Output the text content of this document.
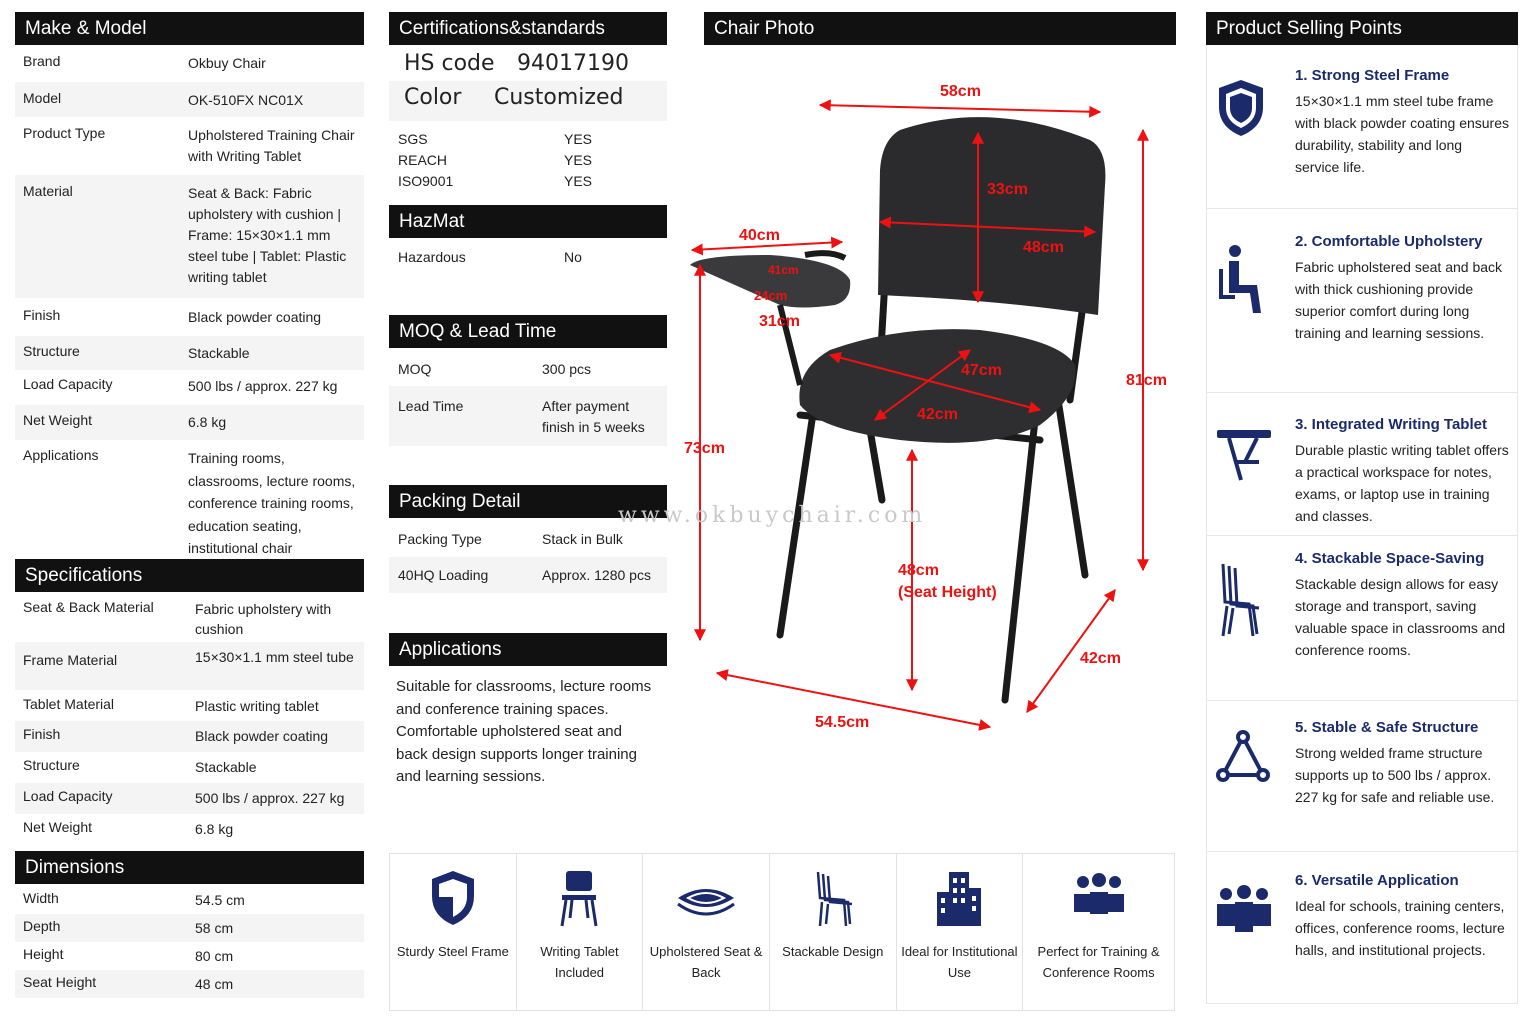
Make & Model
Brand	Okbuy Chair
Model	OK-510FX NC01X
Product Type	Upholstered Training Chair with Writing Tablet
Material	Seat & Back: Fabric upholstery with cushion | Frame: 15×30×1.1 mm steel tube | Tablet: Plastic writing tablet
Finish	Black powder coating
Structure	Stackable
Load Capacity	500 lbs / approx. 227 kg
Net Weight	6.8 kg
Applications	Training rooms, classrooms, lecture rooms, conference training rooms, education seating, institutional chair
Specifications
Seat & Back Material	Fabric upholstery with cushion
Frame Material	15×30×1.1 mm steel tube
Tablet Material	Plastic writing tablet
Finish	Black powder coating
Structure	Stackable
Load Capacity	500 lbs / approx. 227 kg
Net Weight	6.8 kg
Dimensions
Width	54.5 cm
Depth	58 cm
Height	80 cm
Seat Height	48 cm
Certifications&standards
HS code	94017190
Color	Customized
SGS	YES
REACH	YES
ISO9001	YES
HazMat
Hazardous	No
MOQ & Lead Time
MOQ	300 pcs
Lead Time	After payment finish in 5 weeks
Packing Detail
Packing Type	Stack in Bulk
40HQ Loading	Approx. 1280 pcs
Applications

Suitable for classrooms, lecture rooms and conference training spaces.

Comfortable upholstered seat and back design supports longer training and learning sessions.

Chair Photo
58cm
33cm
48cm
40cm
41cm
24cm
31cm
81cm
47cm
42cm
73cm
48cm
(Seat Height)
42cm
54.5cm
www.okbuychair.com
Sturdy Steel Frame	Writing Tablet Included
Upholstered Seat & Back
Stackable Design	Ideal for Institutional Use
Perfect for Training & Conference Rooms
Product Selling Points
1. Strong Steel Frame

15×30×1.1 mm steel tube frame with black powder coating ensures durability, stability and long service life.

2. Comfortable Upholstery

Fabric upholstered seat and back with thick cushioning provide superior comfort during long training and learning sessions.

3. Integrated Writing Tablet

Durable plastic writing tablet offers a practical workspace for notes, exams, or laptop use in training and classes.

4. Stackable Space-Saving

Stackable design allows for easy storage and transport, saving valuable space in classrooms and conference rooms.

5. Stable & Safe Structure

Strong welded frame structure supports up to 500 lbs / approx. 227 kg for safe and reliable use.

6. Versatile Application

Ideal for schools, training centers, offices, conference rooms, lecture halls, and institutional projects.
